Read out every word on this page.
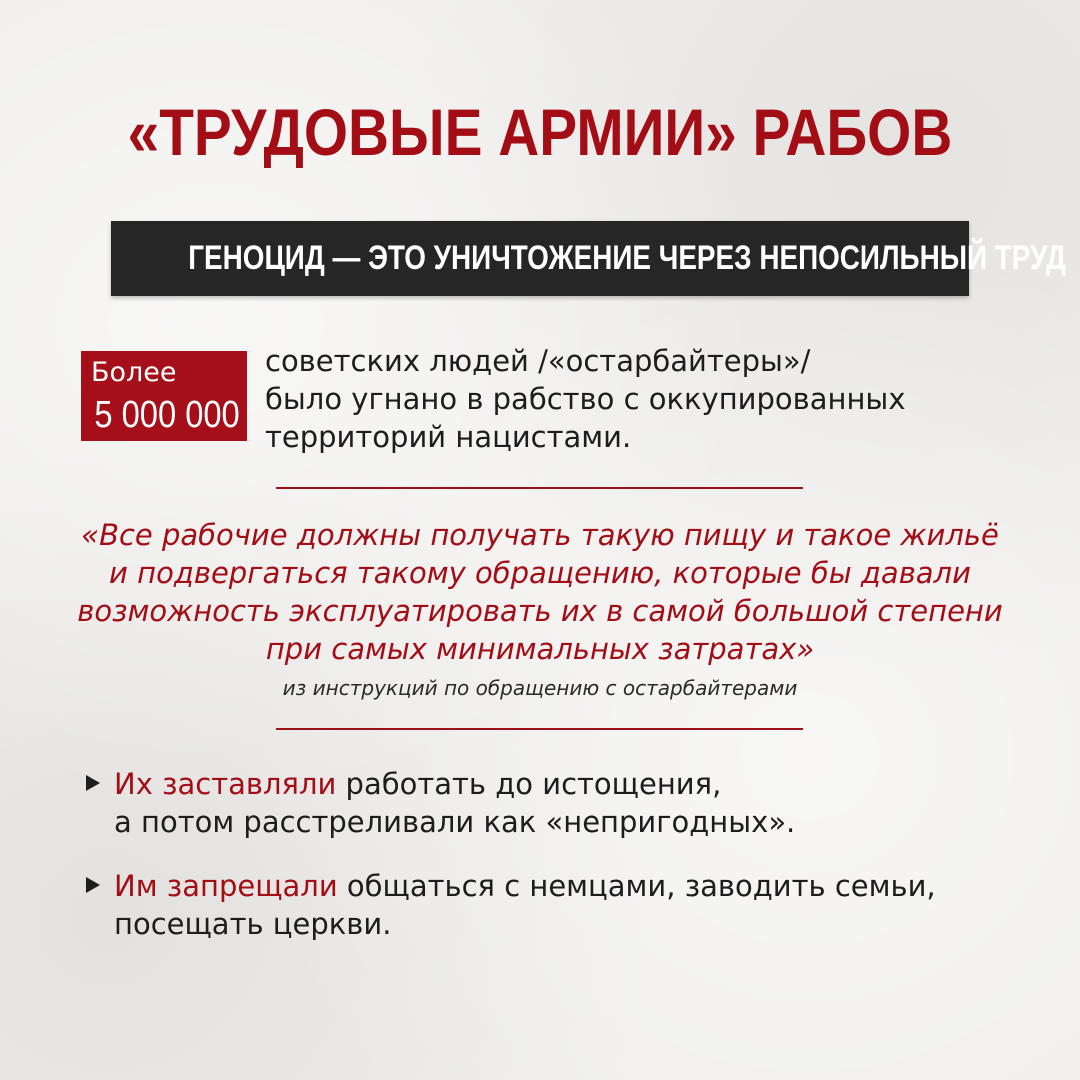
«ТРУДОВЫЕ АРМИИ» РАБОВ
ГЕНОЦИД — ЭТО УНИЧТОЖЕНИЕ ЧЕРЕЗ НЕПОСИЛЬНЫЙ ТРУД
Более
5 000 000
советских людей /«остарбайтеры»/
было угнано в рабство с оккупированных
территорий нацистами.
«Все рабочие должны получать такую пищу и такое жильё
и подвергаться такому обращению, которые бы давали
возможность эксплуатировать их в самой большой степени
при самых минимальных затратах»
из инструкций по обращению с остарбайтерами
Их заставляли работать до истощения,
а потом расстреливали как «непригодных».
Им запрещали общаться с немцами, заводить семьи,
посещать церкви.
